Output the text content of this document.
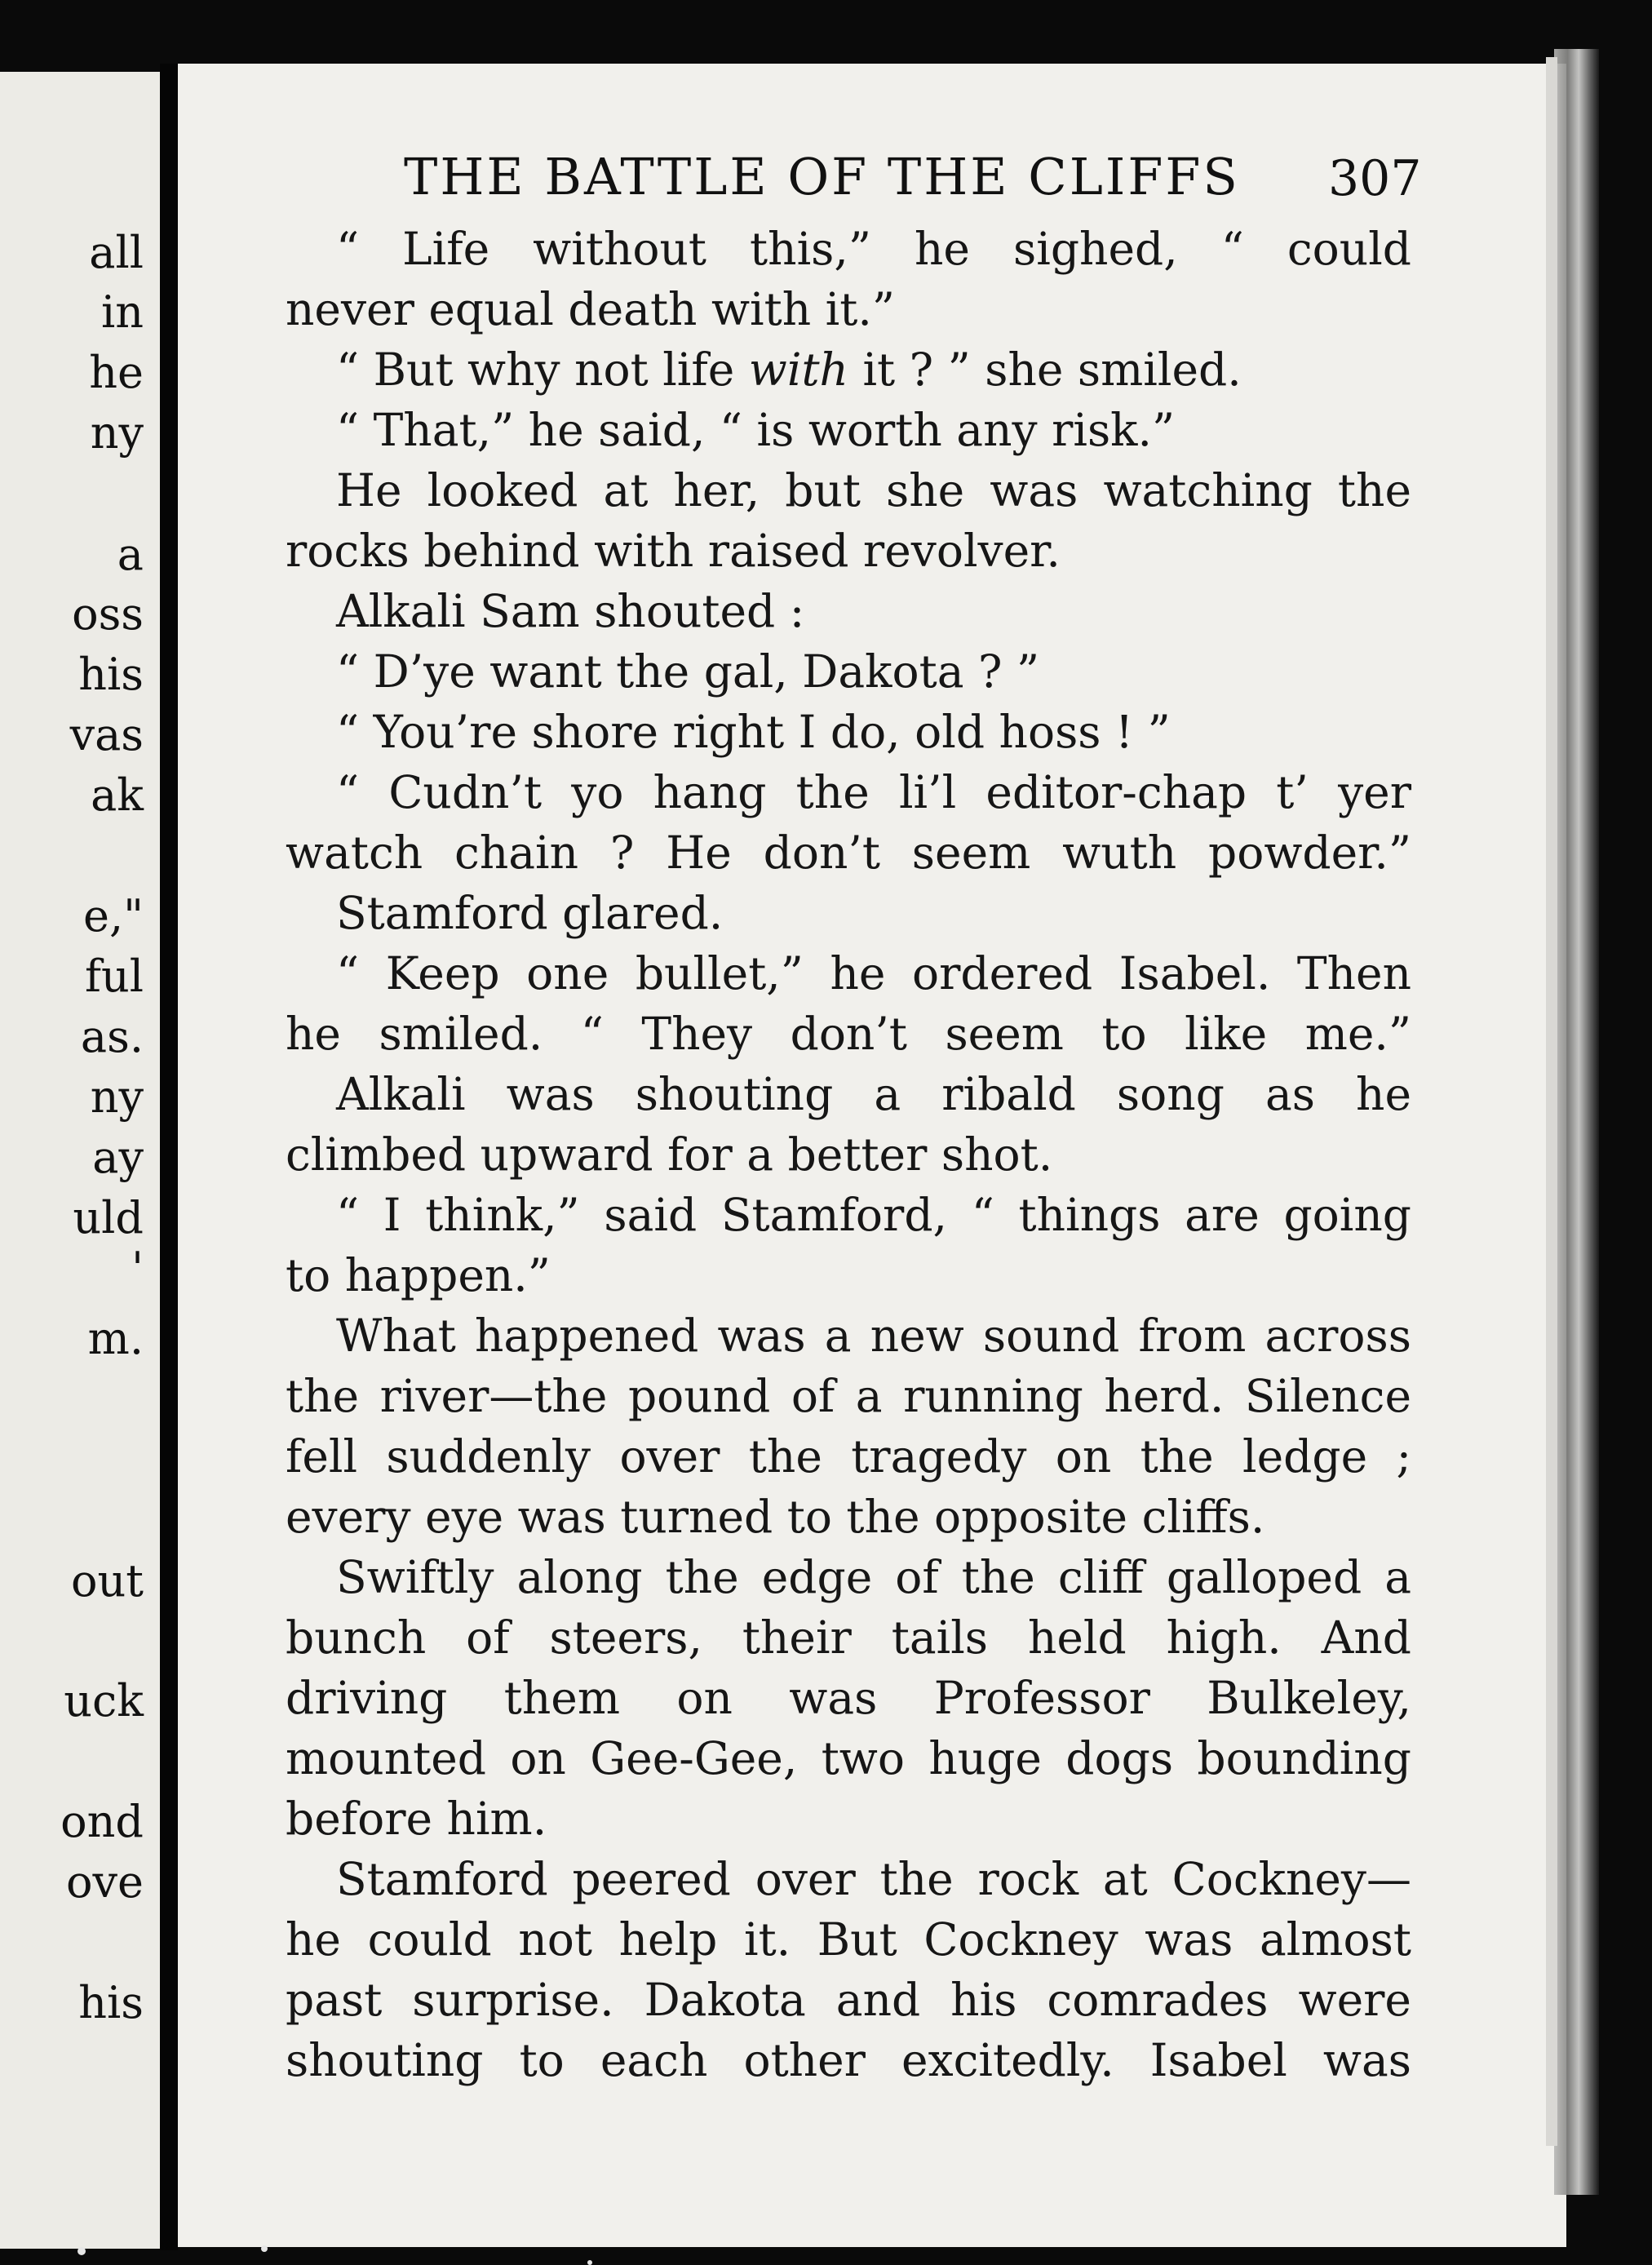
all
in
he
ny
a
oss
his
vas
ak
e,"
ful
as.
ny
ay
uld
'
m.
out
uck
ond
ove
his
THE BATTLE OF THE CLIFFS	307
“ Life without this,” he sighed, “ could
never equal death with it.”
“ But why not life with it ? ” she smiled.
“ That,” he said, “ is worth any risk.”
He looked at her, but she was watching the
rocks behind with raised revolver.
Alkali Sam shouted :
“ D’ye want the gal, Dakota ? ”
“ You’re shore right I do, old hoss ! ”
“ Cudn’t yo hang the li’l editor-chap t’ yer
watch chain ? He don’t seem wuth powder.”
Stamford glared.
“ Keep one bullet,” he ordered Isabel. Then
he smiled. “ They don’t seem to like me.”
Alkali was shouting a ribald song as he
climbed upward for a better shot.
“ I think,” said Stamford, “ things are going
to happen.”
What happened was a new sound from across
the river—the pound of a running herd. Silence
fell suddenly over the tragedy on the ledge ;
every eye was turned to the opposite cliffs.
Swiftly along the edge of the cliff galloped a
bunch of steers, their tails held high. And
driving them on was Professor Bulkeley,
mounted on Gee-Gee, two huge dogs bounding
before him.
Stamford peered over the rock at Cockney—
he could not help it. But Cockney was almost
past surprise. Dakota and his comrades were
shouting to each other excitedly. Isabel was
